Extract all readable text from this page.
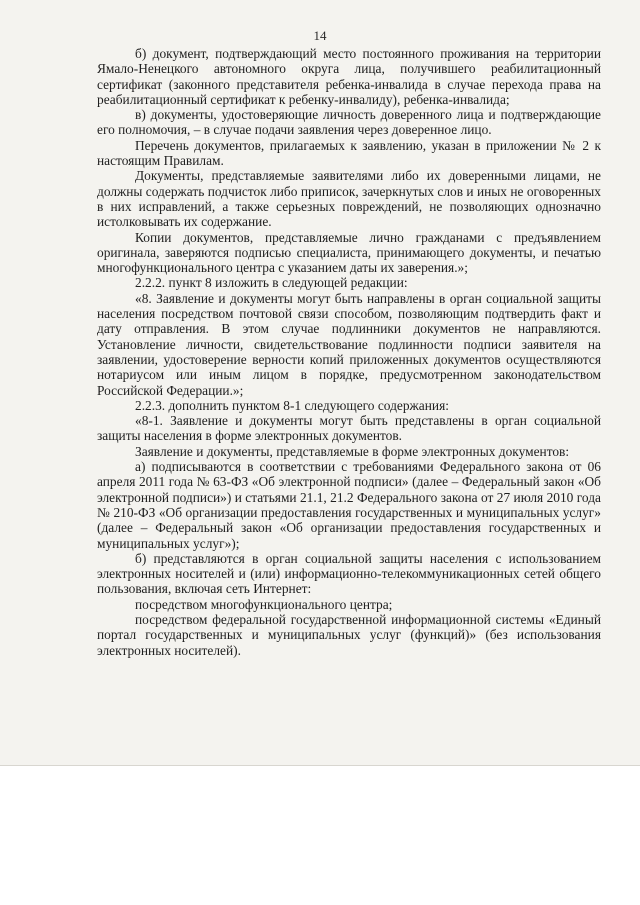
14

б) документ, подтверждающий место постоянного проживания на территории Ямало-Ненецкого автономного округа лица, получившего реабилитационный сертификат (законного представителя ребенка-инвалида в случае перехода права на реабилитационный сертификат к ребенку-инвалиду), ребенка-инвалида;

в) документы, удостоверяющие личность доверенного лица и подтверждающие его полномочия, – в случае подачи заявления через доверенное лицо.

Перечень документов, прилагаемых к заявлению, указан в приложении № 2 к настоящим Правилам.

Документы, представляемые заявителями либо их доверенными лицами, не должны содержать подчисток либо приписок, зачеркнутых слов и иных не оговоренных в них исправлений, а также серьезных повреждений, не позволяющих однозначно истолковывать их содержание.

Копии документов, представляемые лично гражданами с предъявлением оригинала, заверяются подписью специалиста, принимающего документы, и печатью многофункционального центра с указанием даты их заверения.»;

2.2.2. пункт 8 изложить в следующей редакции:

«8. Заявление и документы могут быть направлены в орган социальной защиты населения посредством почтовой связи способом, позволяющим подтвердить факт и дату отправления. В этом случае подлинники документов не направляются. Установление личности, свидетельствование подлинности подписи заявителя на заявлении, удостоверение верности копий приложенных документов осуществляются нотариусом или иным лицом в порядке, предусмотренном законодательством Российской Федерации.»;

2.2.3. дополнить пунктом 8-1 следующего содержания:

«8-1. Заявление и документы могут быть представлены в орган социальной защиты населения в форме электронных документов.

Заявление и документы, представляемые в форме электронных документов:

а) подписываются в соответствии с требованиями Федерального закона от 06 апреля 2011 года № 63-ФЗ «Об электронной подписи» (далее – Федеральный закон «Об электронной подписи») и статьями 21.1, 21.2 Федерального закона от 27 июля 2010 года № 210-ФЗ «Об организации предоставления государственных и муниципальных услуг» (далее – Федеральный закон «Об организации предоставления государственных и муниципальных услуг»);

б) представляются в орган социальной защиты населения с использованием электронных носителей и (или) информационно-телекоммуникационных сетей общего пользования, включая сеть Интернет:

посредством многофункционального центра;

посредством федеральной государственной информационной системы «Единый портал государственных и муниципальных услуг (функций)» (без использования электронных носителей).
